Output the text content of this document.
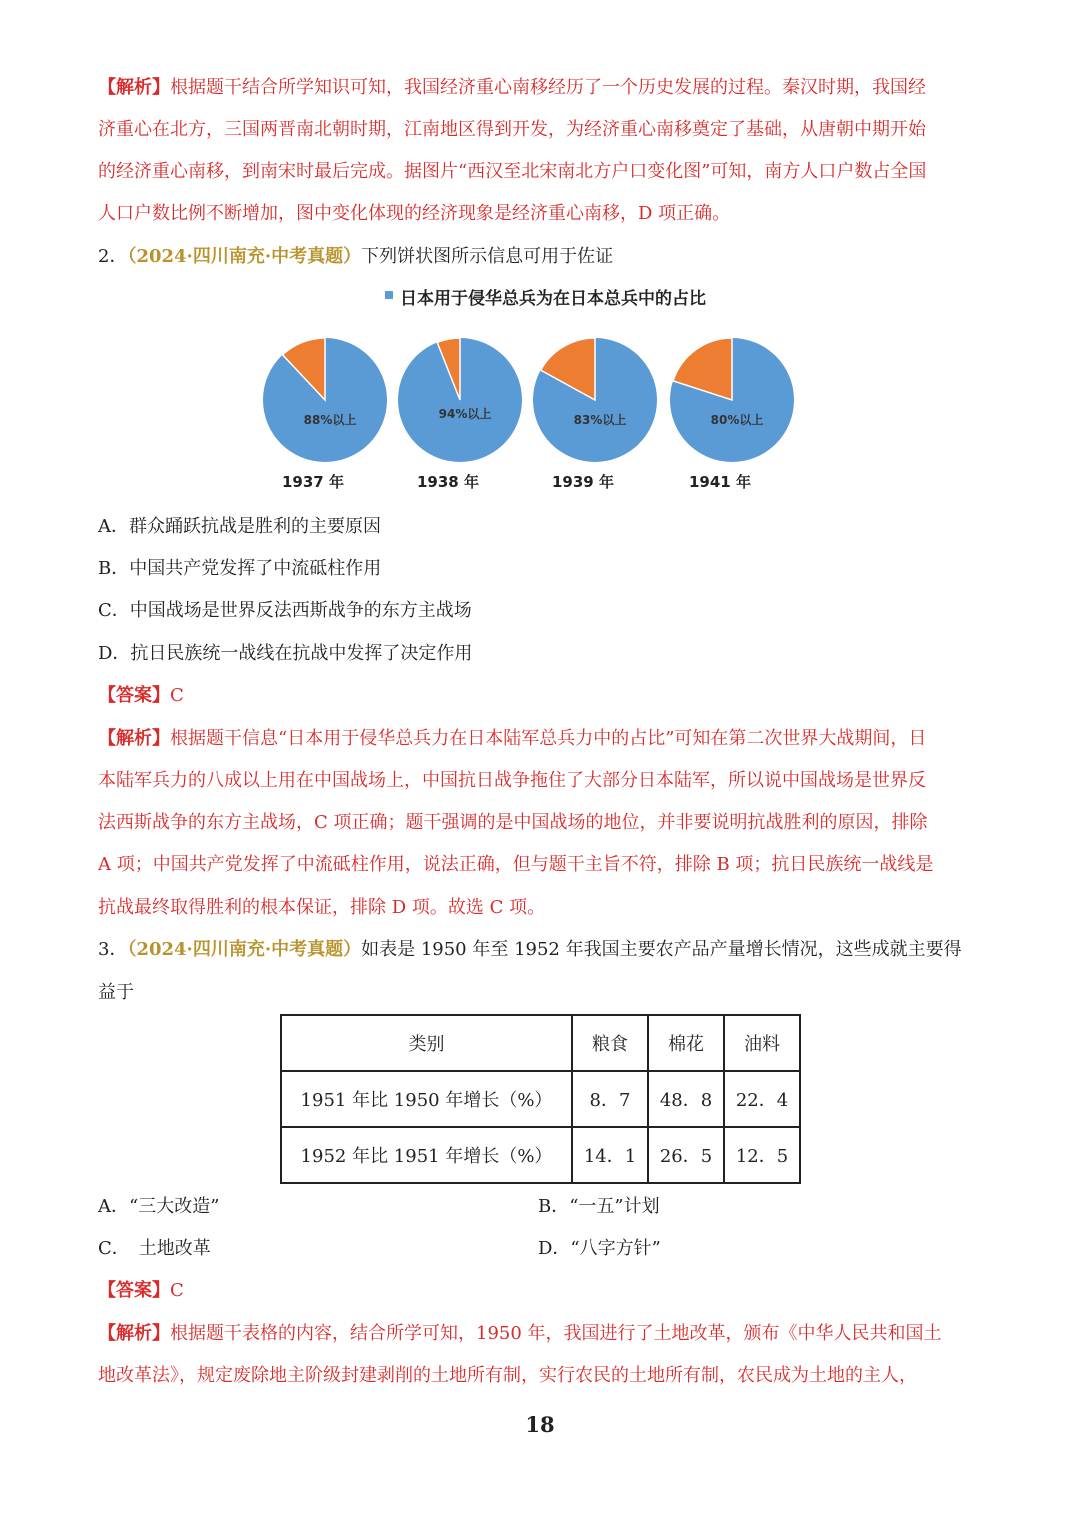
【解析】根据题干结合所学知识可知，我国经济重心南移经历了一个历史发展的过程。秦汉时期，我国经
济重心在北方，三国两晋南北朝时期，江南地区得到开发，为经济重心南移奠定了基础，从唐朝中期开始
的经济重心南移，到南宋时最后完成。据图片“西汉至北宋南北方户口变化图”可知，南方人口户数占全国
人口户数比例不断增加，图中变化体现的经济现象是经济重心南移，D 项正确。
2．（2024·四川南充·中考真题）下列饼状图所示信息可用于佐证
日本用于侵华总兵为在日本总兵中的占比
88%以上
1937 年
94%以上
1938 年
83%以上
1939 年
80%以上
1941 年
A．群众踊跃抗战是胜利的主要原因
B．中国共产党发挥了中流砥柱作用
C．中国战场是世界反法西斯战争的东方主战场
D．抗日民族统一战线在抗战中发挥了决定作用
【答案】C
【解析】根据题干信息“日本用于侵华总兵力在日本陆军总兵力中的占比”可知在第二次世界大战期间，日
本陆军兵力的八成以上用在中国战场上，中国抗日战争拖住了大部分日本陆军，所以说中国战场是世界反
法西斯战争的东方主战场，C 项正确；题干强调的是中国战场的地位，并非要说明抗战胜利的原因，排除
A 项；中国共产党发挥了中流砥柱作用，说法正确，但与题干主旨不符，排除 B 项；抗日民族统一战线是
抗战最终取得胜利的根本保证，排除 D 项。故选 C 项。
3．（2024·四川南充·中考真题）如表是 1950 年至 1952 年我国主要农产品产量增长情况，这些成就主要得
益于
类别	粮食	棉花	油料
1951 年比 1950 年增长（%）	8．7	48．8	22．4
1952 年比 1951 年增长（%）	14．1	26．5	12．5
A．“三大改造”	B．“一五”计划
C．　土地改革	D．“八字方针”
【答案】C
【解析】根据题干表格的内容，结合所学可知，1950 年，我国进行了土地改革，颁布《中华人民共和国土
地改革法》，规定废除地主阶级封建剥削的土地所有制，实行农民的土地所有制，农民成为土地的主人，
18
